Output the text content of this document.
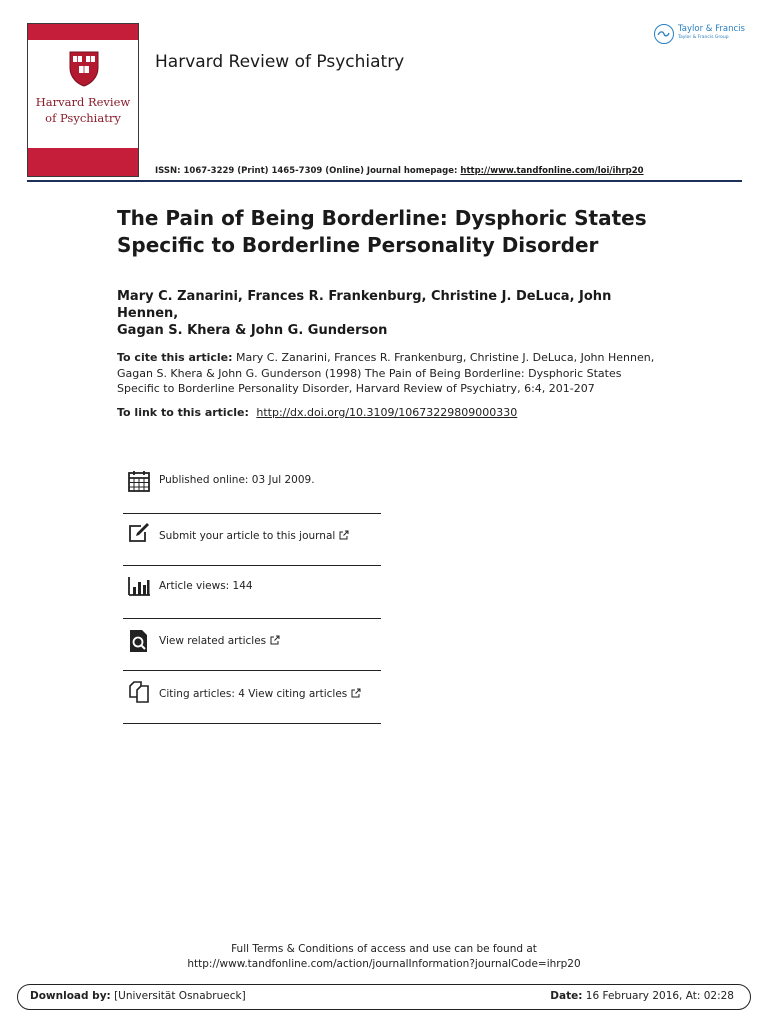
Harvard Review
of Psychiatry
Harvard Review of Psychiatry
Taylor & Francis
Taylor & Francis Group
ISSN: 1067-3229 (Print) 1465-7309 (Online) Journal homepage: http://www.tandfonline.com/loi/ihrp20
The Pain of Being Borderline: Dysphoric States
Specific to Borderline Personality Disorder
Mary C. Zanarini, Frances R. Frankenburg, Christine J. DeLuca, John Hennen,
Gagan S. Khera & John G. Gunderson
To cite this article: Mary C. Zanarini, Frances R. Frankenburg, Christine J. DeLuca, John Hennen,
Gagan S. Khera & John G. Gunderson (1998) The Pain of Being Borderline: Dysphoric States
Specific to Borderline Personality Disorder, Harvard Review of Psychiatry, 6:4, 201-207
To link to this article: http://dx.doi.org/10.3109/10673229809000330
Published online: 03 Jul 2009.
Submit your article to this journal
Article views: 144
View related articles
Citing articles: 4 View citing articles
Full Terms & Conditions of access and use can be found at
http://www.tandfonline.com/action/journalInformation?journalCode=ihrp20
Download by: [Universität Osnabrueck]	Date: 16 February 2016, At: 02:28
